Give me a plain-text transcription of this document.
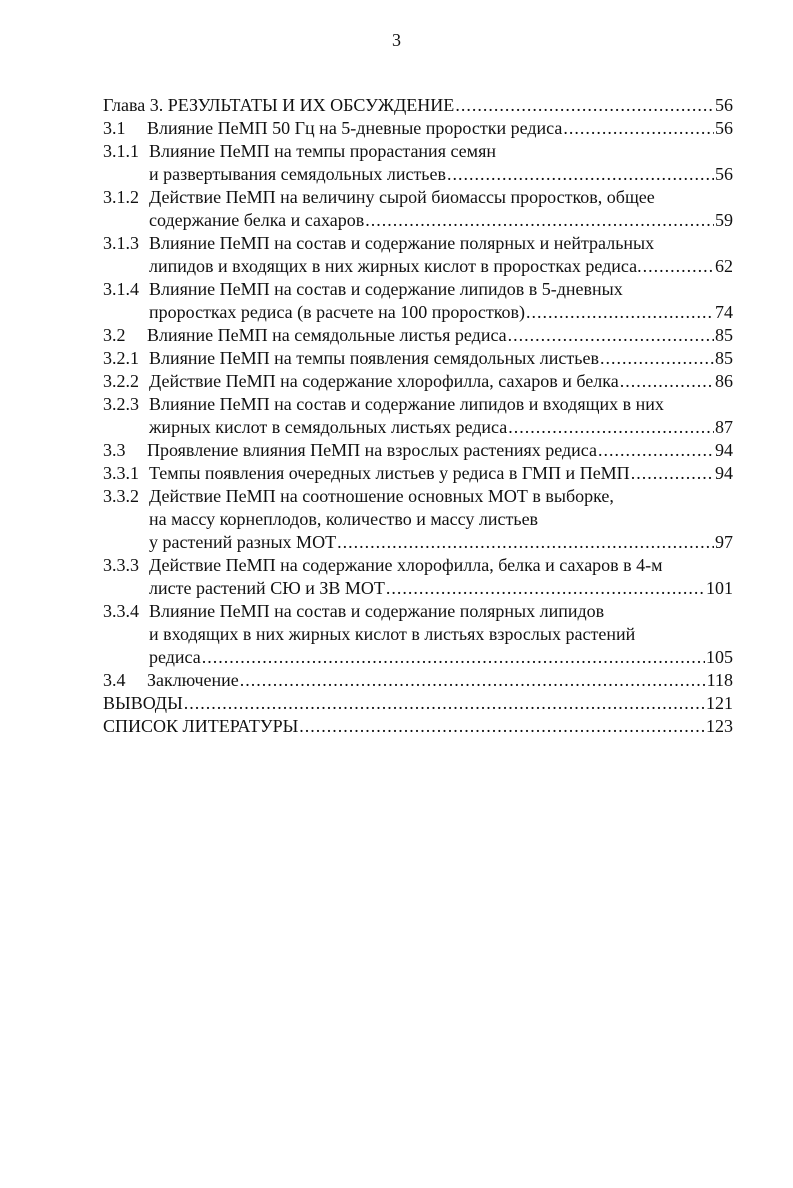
3
Глава 3. РЕЗУЛЬТАТЫ И ИХ ОБСУЖДЕНИЕ .....	56
3.1	Влияние ПеМП 50 Гц на 5-дневные проростки редиса .....	56
3.1.1 Влияние ПеМП на темпы прорастания семян
и развертывания семядольных листьев .....	56
3.1.2 Действие ПеМП на величину сырой биомассы проростков, общее
содержание белка и сахаров .....	59
3.1.3 Влияние ПеМП на состав и содержание полярных и нейтральных
липидов и входящих в них жирных кислот в проростках редиса. .....	62
3.1.4 Влияние ПеМП на состав и содержание липидов в 5-дневных
проростках редиса (в расчете на 100 проростков) .....	74
3.2	Влияние ПеМП на семядольные листья редиса .....	85
3.2.1 Влияние ПеМП на темпы появления семядольных листьев .....	85
3.2.2 Действие ПеМП на содержание хлорофилла, сахаров и белка .....	86
3.2.3 Влияние ПеМП на состав и содержание липидов и входящих в них
жирных кислот в семядольных листьях редиса .....	87
3.3	Проявление влияния ПеМП на взрослых растениях редиса .....	94
3.3.1 Темпы появления очередных листьев у редиса в ГМП и ПеМП .....	94
3.3.2 Действие ПеМП на соотношение основных МОТ в выборке,
на массу корнеплодов, количество и массу листьев
у растений разных МОТ .....	97
3.3.3 Действие ПеМП на содержание хлорофилла, белка и сахаров в 4-м
листе растений СЮ и ЗВ МОТ .....	101
3.3.4 Влияние ПеМП на состав и содержание полярных липидов
и входящих в них жирных кислот в листьях взрослых растений
редиса .....	105
3.4	Заключение .....	118
ВЫВОДЫ .....	121
СПИСОК ЛИТЕРАТУРЫ .....	123
